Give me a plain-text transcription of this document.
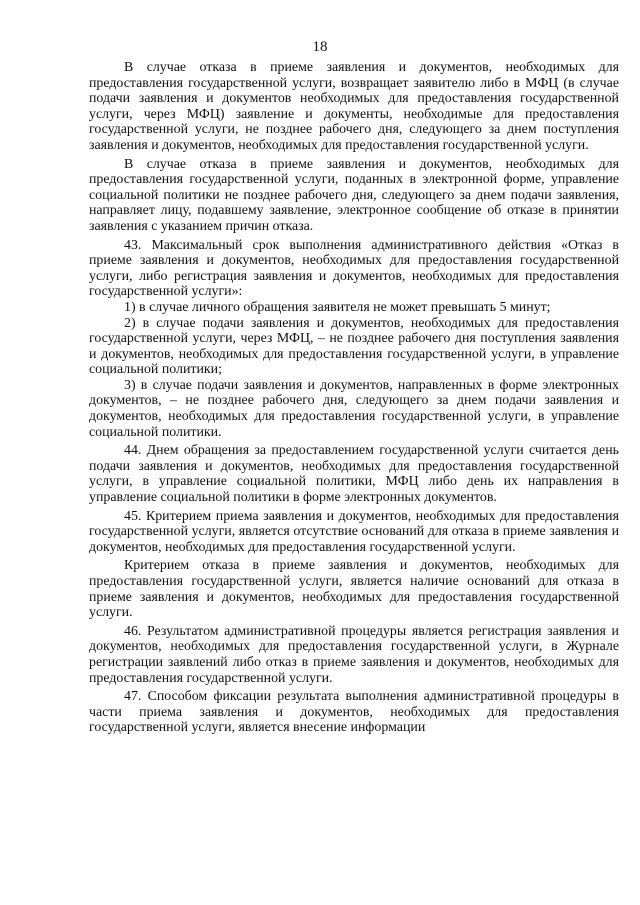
18

В случае отказа в приеме заявления и документов, необходимых для предоставления государственной услуги, возвращает заявителю либо в МФЦ (в случае подачи заявления и документов необходимых для предоставления государственной услуги, через МФЦ) заявление и документы, необходимые для предоставления государственной услуги, не позднее рабочего дня, следующего за днем поступления заявления и документов, необходимых для предоставления государственной услуги.

В случае отказа в приеме заявления и документов, необходимых для предоставления государственной услуги, поданных в электронной форме, управление социальной политики не позднее рабочего дня, следующего за днем подачи заявления, направляет лицу, подавшему заявление, электронное сообщение об отказе в принятии заявления с указанием причин отказа.

43. Максимальный срок выполнения административного действия «Отказ в приеме заявления и документов, необходимых для предоставления государственной услуги, либо регистрация заявления и документов, необходимых для предоставления государственной услуги»:

1) в случае личного обращения заявителя не может превышать 5 минут;

2) в случае подачи заявления и документов, необходимых для предоставления государственной услуги, через МФЦ, – не позднее рабочего дня поступления заявления и документов, необходимых для предоставления государственной услуги, в управление социальной политики;

3) в случае подачи заявления и документов, направленных в форме электронных документов, – не позднее рабочего дня, следующего за днем подачи заявления и документов, необходимых для предоставления государственной услуги, в управление социальной политики.

44. Днем обращения за предоставлением государственной услуги считается день подачи заявления и документов, необходимых для предоставления государственной услуги, в управление социальной политики, МФЦ либо день их направления в управление социальной политики в форме электронных документов.

45. Критерием приема заявления и документов, необходимых для предоставления государственной услуги, является отсутствие оснований для отказа в приеме заявления и документов, необходимых для предоставления государственной услуги.

Критерием отказа в приеме заявления и документов, необходимых для предоставления государственной услуги, является наличие оснований для отказа в приеме заявления и документов, необходимых для предоставления государственной услуги.

46. Результатом административной процедуры является регистрация заявления и документов, необходимых для предоставления государственной услуги, в Журнале регистрации заявлений либо отказ в приеме заявления и документов, необходимых для предоставления государственной услуги.

47. Способом фиксации результата выполнения административной процедуры в части приема заявления и документов, необходимых для предоставления государственной услуги, является внесение информации
